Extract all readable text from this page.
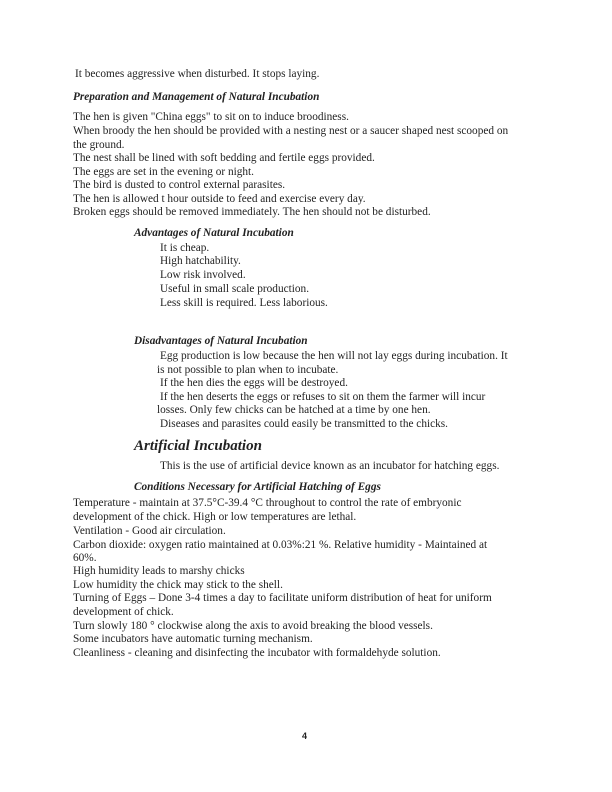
It becomes aggressive when disturbed. It stops laying.
Preparation and Management of Natural Incubation
The hen is given "China eggs" to sit on to induce broodiness.
When broody the hen should be provided with a nesting nest or a saucer shaped nest scooped on
the ground.
The nest shall be lined with soft bedding and fertile eggs provided.
The eggs are set in the evening or night.
The bird is dusted to control external parasites.
The hen is allowed t hour outside to feed and exercise every day.
Broken eggs should be removed immediately. The hen should not be disturbed.
Advantages of Natural Incubation
It is cheap.
High hatchability.
Low risk involved.
Useful in small scale production.
Less skill is required. Less laborious.
Disadvantages of Natural Incubation
Egg production is low because the hen will not lay eggs during incubation. It
is not possible to plan when to incubate.
If the hen dies the eggs will be destroyed.
If the hen deserts the eggs or refuses to sit on them the farmer will incur
losses. Only few chicks can be hatched at a time by one hen.
Diseases and parasites could easily be transmitted to the chicks.
Artificial Incubation
This is the use of artificial device known as an incubator for hatching eggs.
Conditions Necessary for Artificial Hatching of Eggs
Temperature - maintain at 37.5°C-39.4 °C throughout to control the rate of embryonic
development of the chick. High or low temperatures are lethal.
Ventilation - Good air circulation.
Carbon dioxide: oxygen ratio maintained at 0.03%:21 %. Relative humidity - Maintained at
60%.
High humidity leads to marshy chicks
Low humidity the chick may stick to the shell.
Turning of Eggs – Done 3-4 times a day to facilitate uniform distribution of heat for uniform
development of chick.
Turn slowly 180 ° clockwise along the axis to avoid breaking the blood vessels.
Some incubators have automatic turning mechanism.
Cleanliness - cleaning and disinfecting the incubator with formaldehyde solution.
4
